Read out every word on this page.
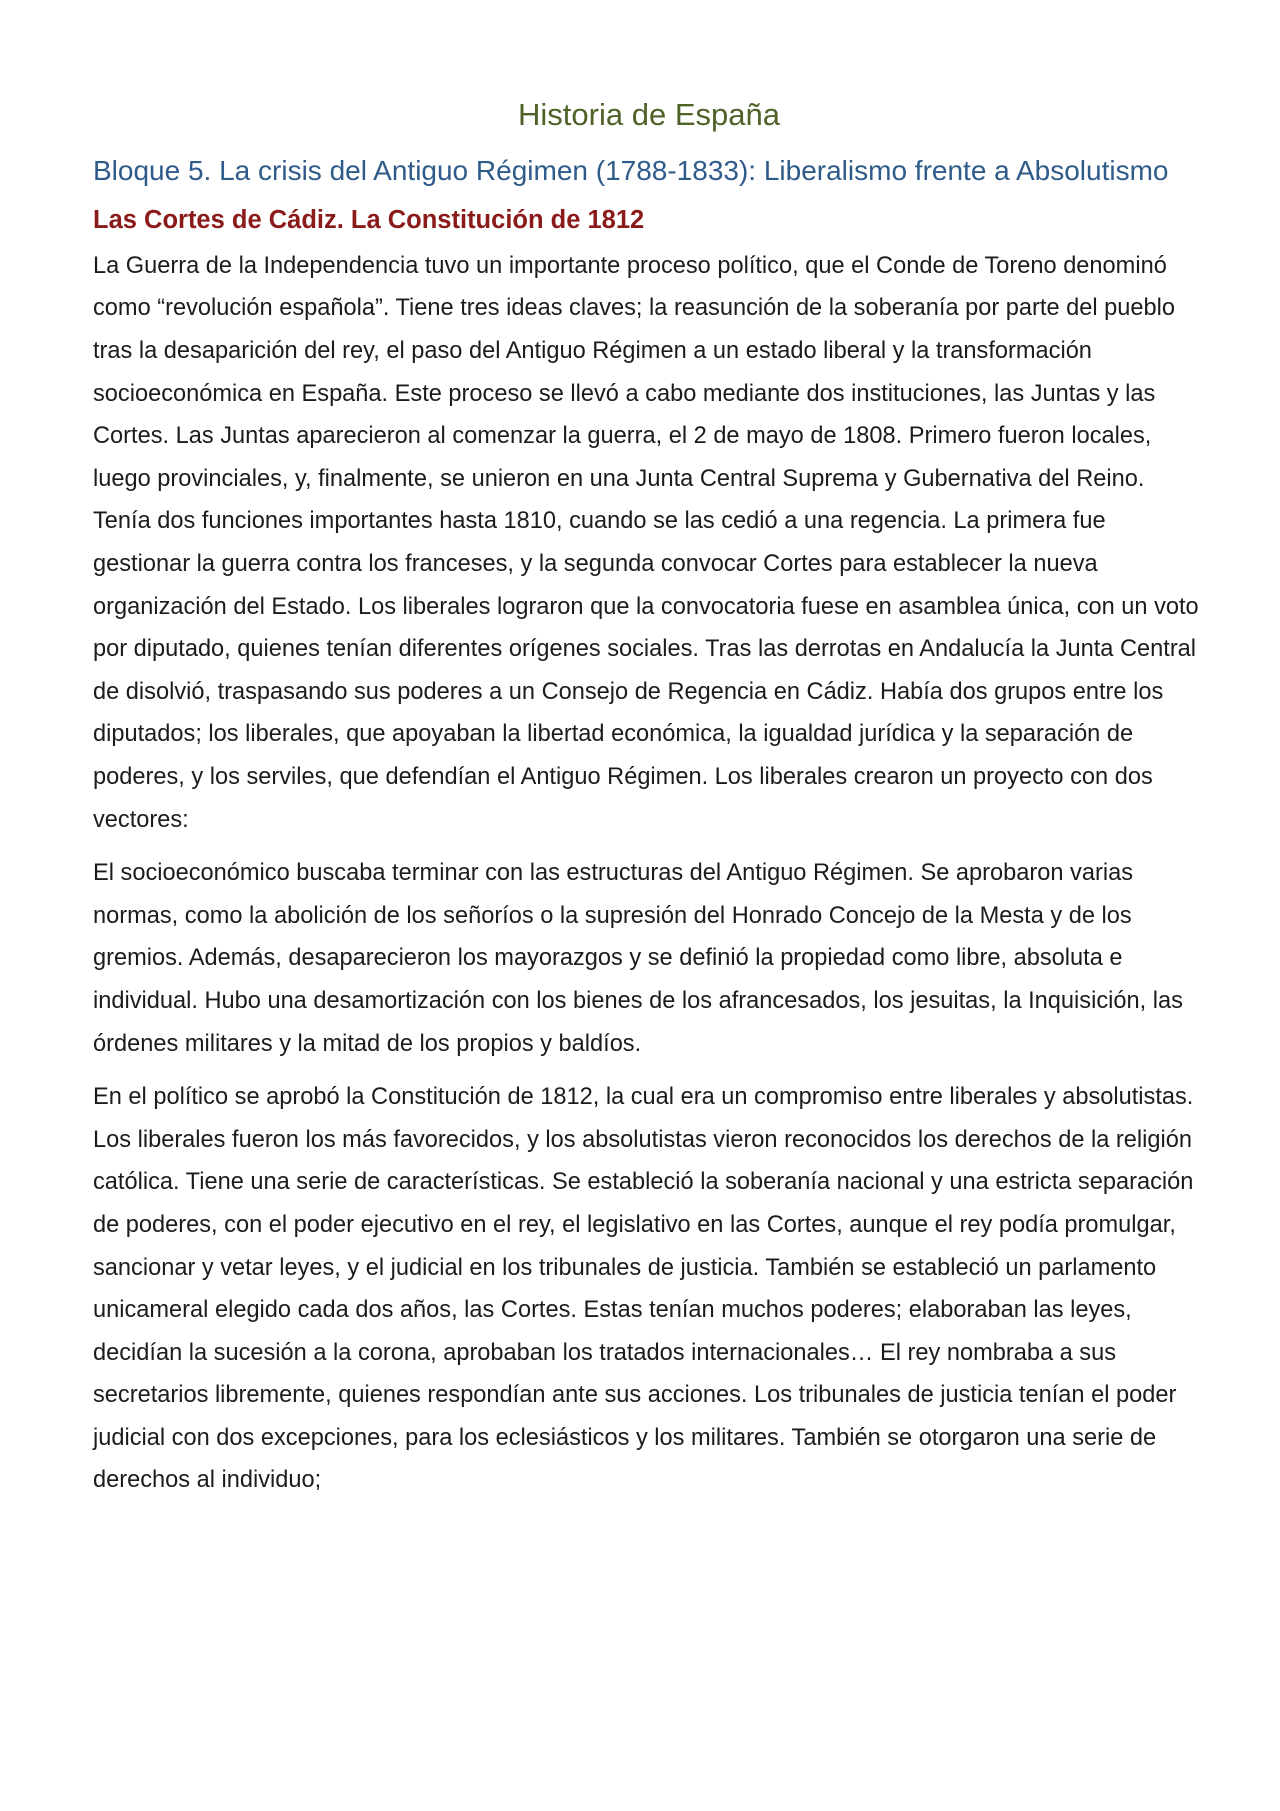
Historia de España
Bloque 5. La crisis del Antiguo Régimen (1788-1833): Liberalismo frente a Absolutismo
Las Cortes de Cádiz. La Constitución de 1812

La Guerra de la Independencia tuvo un importante proceso político, que el Conde de Toreno denominó como “revolución española”. Tiene tres ideas claves; la reasunción de la soberanía por parte del pueblo tras la desaparición del rey, el paso del Antiguo Régimen a un estado liberal y la transformación socioeconómica en España. Este proceso se llevó a cabo mediante dos instituciones, las Juntas y las Cortes. Las Juntas aparecieron al comenzar la guerra, el 2 de mayo de 1808. Primero fueron locales, luego provinciales, y, finalmente, se unieron en una Junta Central Suprema y Gubernativa del Reino. Tenía dos funciones importantes hasta 1810, cuando se las cedió a una regencia. La primera fue gestionar la guerra contra los franceses, y la segunda convocar Cortes para establecer la nueva organización del Estado. Los liberales lograron que la convocatoria fuese en asamblea única, con un voto por diputado, quienes tenían diferentes orígenes sociales. Tras las derrotas en Andalucía la Junta Central de disolvió, traspasando sus poderes a un Consejo de Regencia en Cádiz. Había dos grupos entre los diputados; los liberales, que apoyaban la libertad económica, la igualdad jurídica y la separación de poderes, y los serviles, que defendían el Antiguo Régimen. Los liberales crearon un proyecto con dos vectores:

El socioeconómico buscaba terminar con las estructuras del Antiguo Régimen. Se aprobaron varias normas, como la abolición de los señoríos o la supresión del Honrado Concejo de la Mesta y de los gremios. Además, desaparecieron los mayorazgos y se definió la propiedad como libre, absoluta e individual. Hubo una desamortización con los bienes de los afrancesados, los jesuitas, la Inquisición, las órdenes militares y la mitad de los propios y baldíos.

En el político se aprobó la Constitución de 1812, la cual era un compromiso entre liberales y absolutistas. Los liberales fueron los más favorecidos, y los absolutistas vieron reconocidos los derechos de la religión católica. Tiene una serie de características. Se estableció la soberanía nacional y una estricta separación de poderes, con el poder ejecutivo en el rey, el legislativo en las Cortes, aunque el rey podía promulgar, sancionar y vetar leyes, y el judicial en los tribunales de justicia. También se estableció un parlamento unicameral elegido cada dos años, las Cortes. Estas tenían muchos poderes; elaboraban las leyes, decidían la sucesión a la corona, aprobaban los tratados internacionales… El rey nombraba a sus secretarios libremente, quienes respondían ante sus acciones. Los tribunales de justicia tenían el poder judicial con dos excepciones, para los eclesiásticos y los militares. También se otorgaron una serie de derechos al individuo;
